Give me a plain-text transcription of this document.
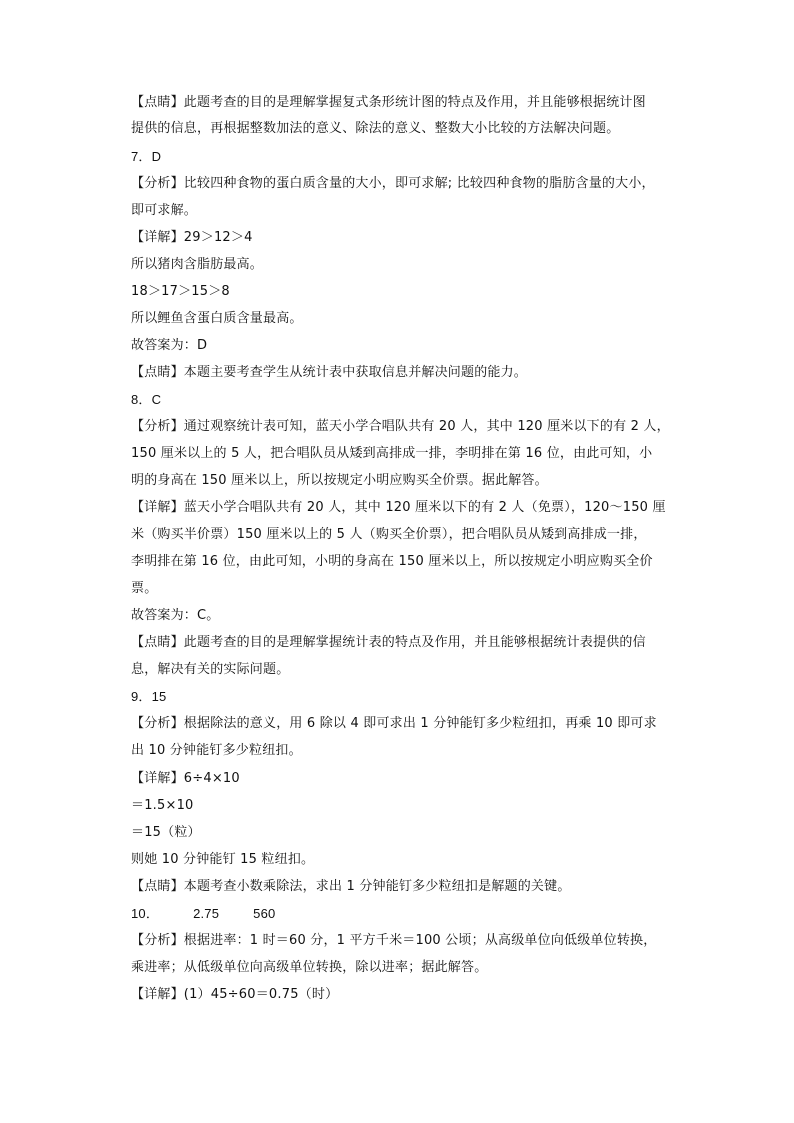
【点睛】此题考查的目的是理解掌握复式条形统计图的特点及作用，并且能够根据统计图
提供的信息，再根据整数加法的意义、除法的意义、整数大小比较的方法解决问题。
7．D
【分析】比较四种食物的蛋白质含量的大小，即可求解; 比较四种食物的脂肪含量的大小，
即可求解。
【详解】29＞12＞4
所以猪肉含脂肪最高。
18＞17＞15＞8
所以鲤鱼含蛋白质含量最高。
故答案为：D
【点睛】本题主要考查学生从统计表中获取信息并解决问题的能力。
8．C
【分析】通过观察统计表可知，蓝天小学合唱队共有 20 人，其中 120 厘米以下的有 2 人，
150 厘米以上的 5 人，把合唱队员从矮到高排成一排，李明排在第 16 位，由此可知，小
明的身高在 150 厘米以上，所以按规定小明应购买全价票。据此解答。
【详解】蓝天小学合唱队共有 20 人，其中 120 厘米以下的有 2 人（免票），120～150 厘
米（购买半价票）150 厘米以上的 5 人（购买全价票），把合唱队员从矮到高排成一排，
李明排在第 16 位，由此可知，小明的身高在 150 厘米以上，所以按规定小明应购买全价
票。
故答案为：C。
【点睛】此题考查的目的是理解掌握统计表的特点及作用，并且能够根据统计表提供的信
息，解决有关的实际问题。
9．15
【分析】根据除法的意义，用 6 除以 4 即可求出 1 分钟能钉多少粒纽扣，再乘 10 即可求
出 10 分钟能钉多少粒纽扣。
【详解】6÷4×10
＝1.5×10
＝15（粒）
则她 10 分钟能钉 15 粒纽扣。
【点睛】本题考查小数乘除法，求出 1 分钟能钉多少粒纽扣是解题的关键。
10．	2.75	560
【分析】根据进率：1 时＝60 分，1 平方千米＝100 公顷；从高级单位向低级单位转换，
乘进率；从低级单位向高级单位转换，除以进率；据此解答。
【详解】(1）45÷60＝0.75（时）
